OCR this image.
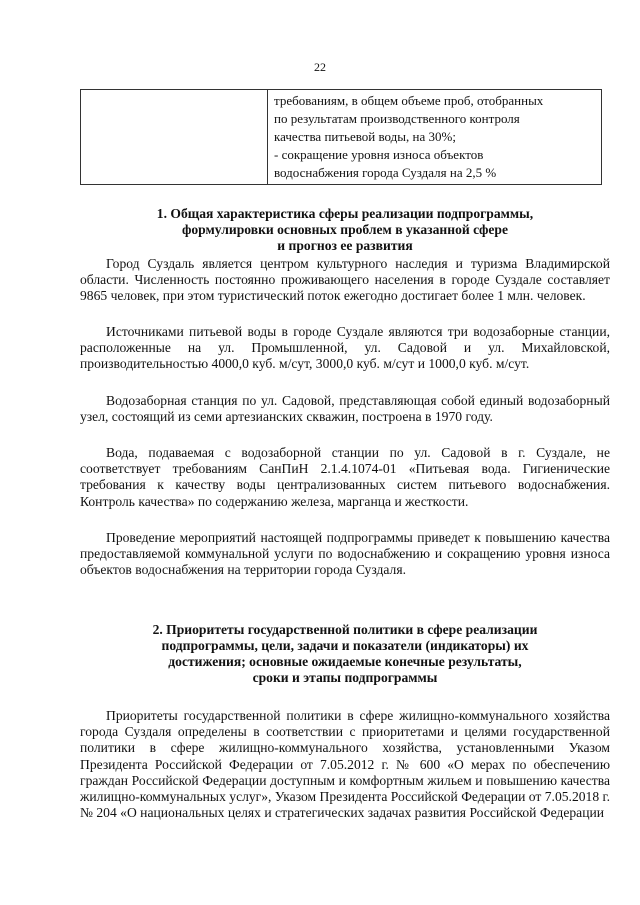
22

требованиям, в общем объеме проб, отобранных
по результатам производственного контроля
качества питьевой воды, на 30%;
- сокращение уровня износа объектов
водоснабжения города Суздаля на 2,5 %
1. Общая характеристика сферы реализации подпрограммы,
формулировки основных проблем в указанной сфере
и прогноз ее развития

Город Суздаль является центром культурного наследия и туризма Владимирской области. Численность постоянно проживающего населения в городе Суздале составляет 9865 человек, при этом туристический поток ежегодно достигает более 1 млн. человек.

Источниками питьевой воды в городе Суздале являются три водозаборные станции, расположенные на ул. Промышленной, ул. Садовой и ул. Михайловской, производительностью 4000,0 куб. м/сут, 3000,0 куб. м/сут и 1000,0 куб. м/сут.

Водозаборная станция по ул. Садовой, представляющая собой единый водозаборный узел, состоящий из семи артезианских скважин, построена в 1970 году.

Вода, подаваемая с водозаборной станции по ул. Садовой в г. Суздале, не соответствует требованиям СанПиН 2.1.4.1074-01 «Питьевая вода. Гигиенические требования к качеству воды централизованных систем питьевого водоснабжения. Контроль качества» по содержанию железа, марганца и жесткости.

Проведение мероприятий настоящей подпрограммы приведет к повышению качества предоставляемой коммунальной услуги по водоснабжению и сокращению уровня износа объектов водоснабжения на территории города Суздаля.

2. Приоритеты государственной политики в сфере реализации
подпрограммы, цели, задачи и показатели (индикаторы) их
достижения; основные ожидаемые конечные результаты,
сроки и этапы подпрограммы

Приоритеты государственной политики в сфере жилищно-коммунального хозяйства города Суздаля определены в соответствии с приоритетами и целями государственной политики в сфере жилищно-коммунального хозяйства, установленными Указом Президента Российской Федерации от 7.05.2012 г. № 600 «О мерах по обеспечению граждан Российской Федерации доступным и комфортным жильем и повышению качества жилищно-коммунальных услуг», Указом Президента Российской Федерации от 7.05.2018 г. № 204 «О национальных целях и стратегических задачах развития Российской Федерации
